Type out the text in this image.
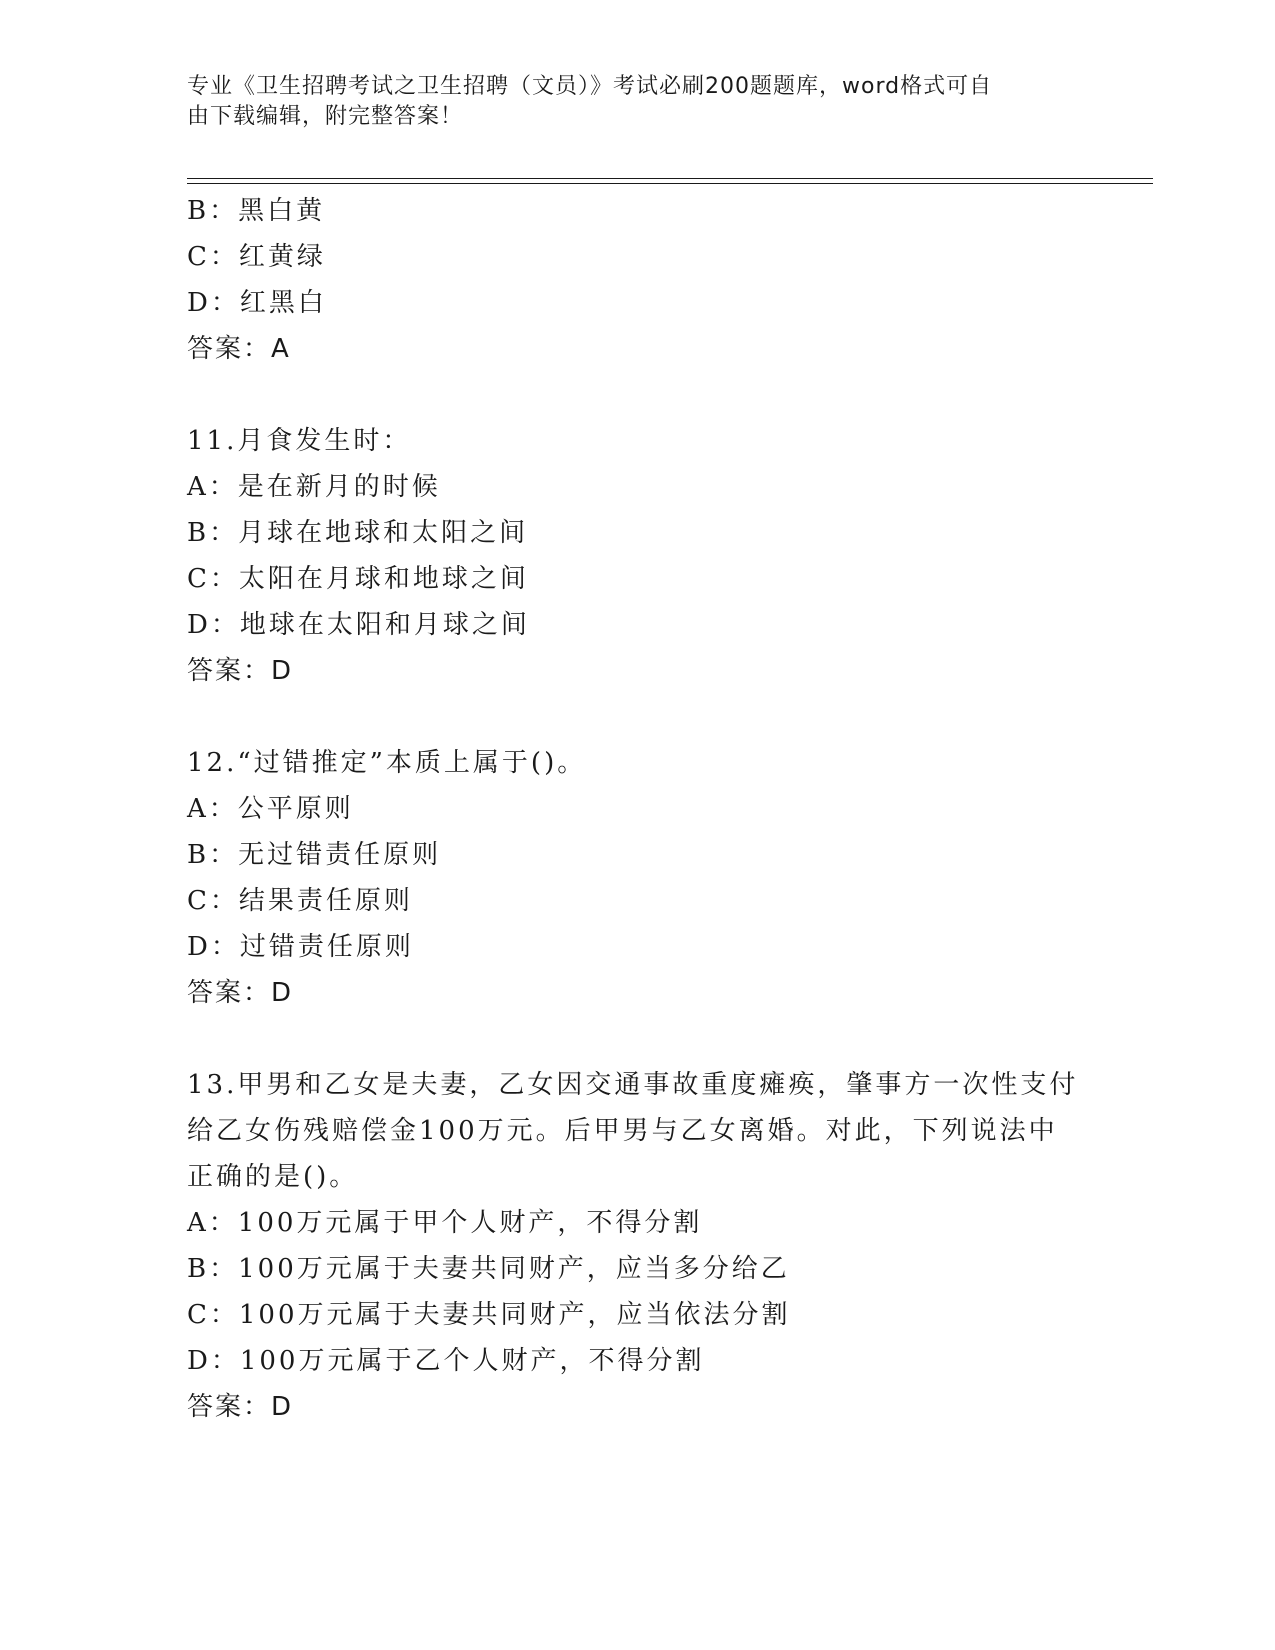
专业《卫生招聘考试之卫生招聘（文员）》考试必刷200题题库，word格式可自
由下载编辑，附完整答案！
B：黑白黄
C：红黄绿
D：红黑白
答案：A
11.月食发生时：
A：是在新月的时候
B：月球在地球和太阳之间
C：太阳在月球和地球之间
D：地球在太阳和月球之间
答案：D
12.“过错推定”本质上属于()。
A：公平原则
B：无过错责任原则
C：结果责任原则
D：过错责任原则
答案：D
13.甲男和乙女是夫妻，乙女因交通事故重度瘫痪，肇事方一次性支付
给乙女伤残赔偿金100万元。后甲男与乙女离婚。对此，下列说法中
正确的是()。
A：100万元属于甲个人财产，不得分割
B：100万元属于夫妻共同财产，应当多分给乙
C：100万元属于夫妻共同财产，应当依法分割
D：100万元属于乙个人财产，不得分割
答案：D
